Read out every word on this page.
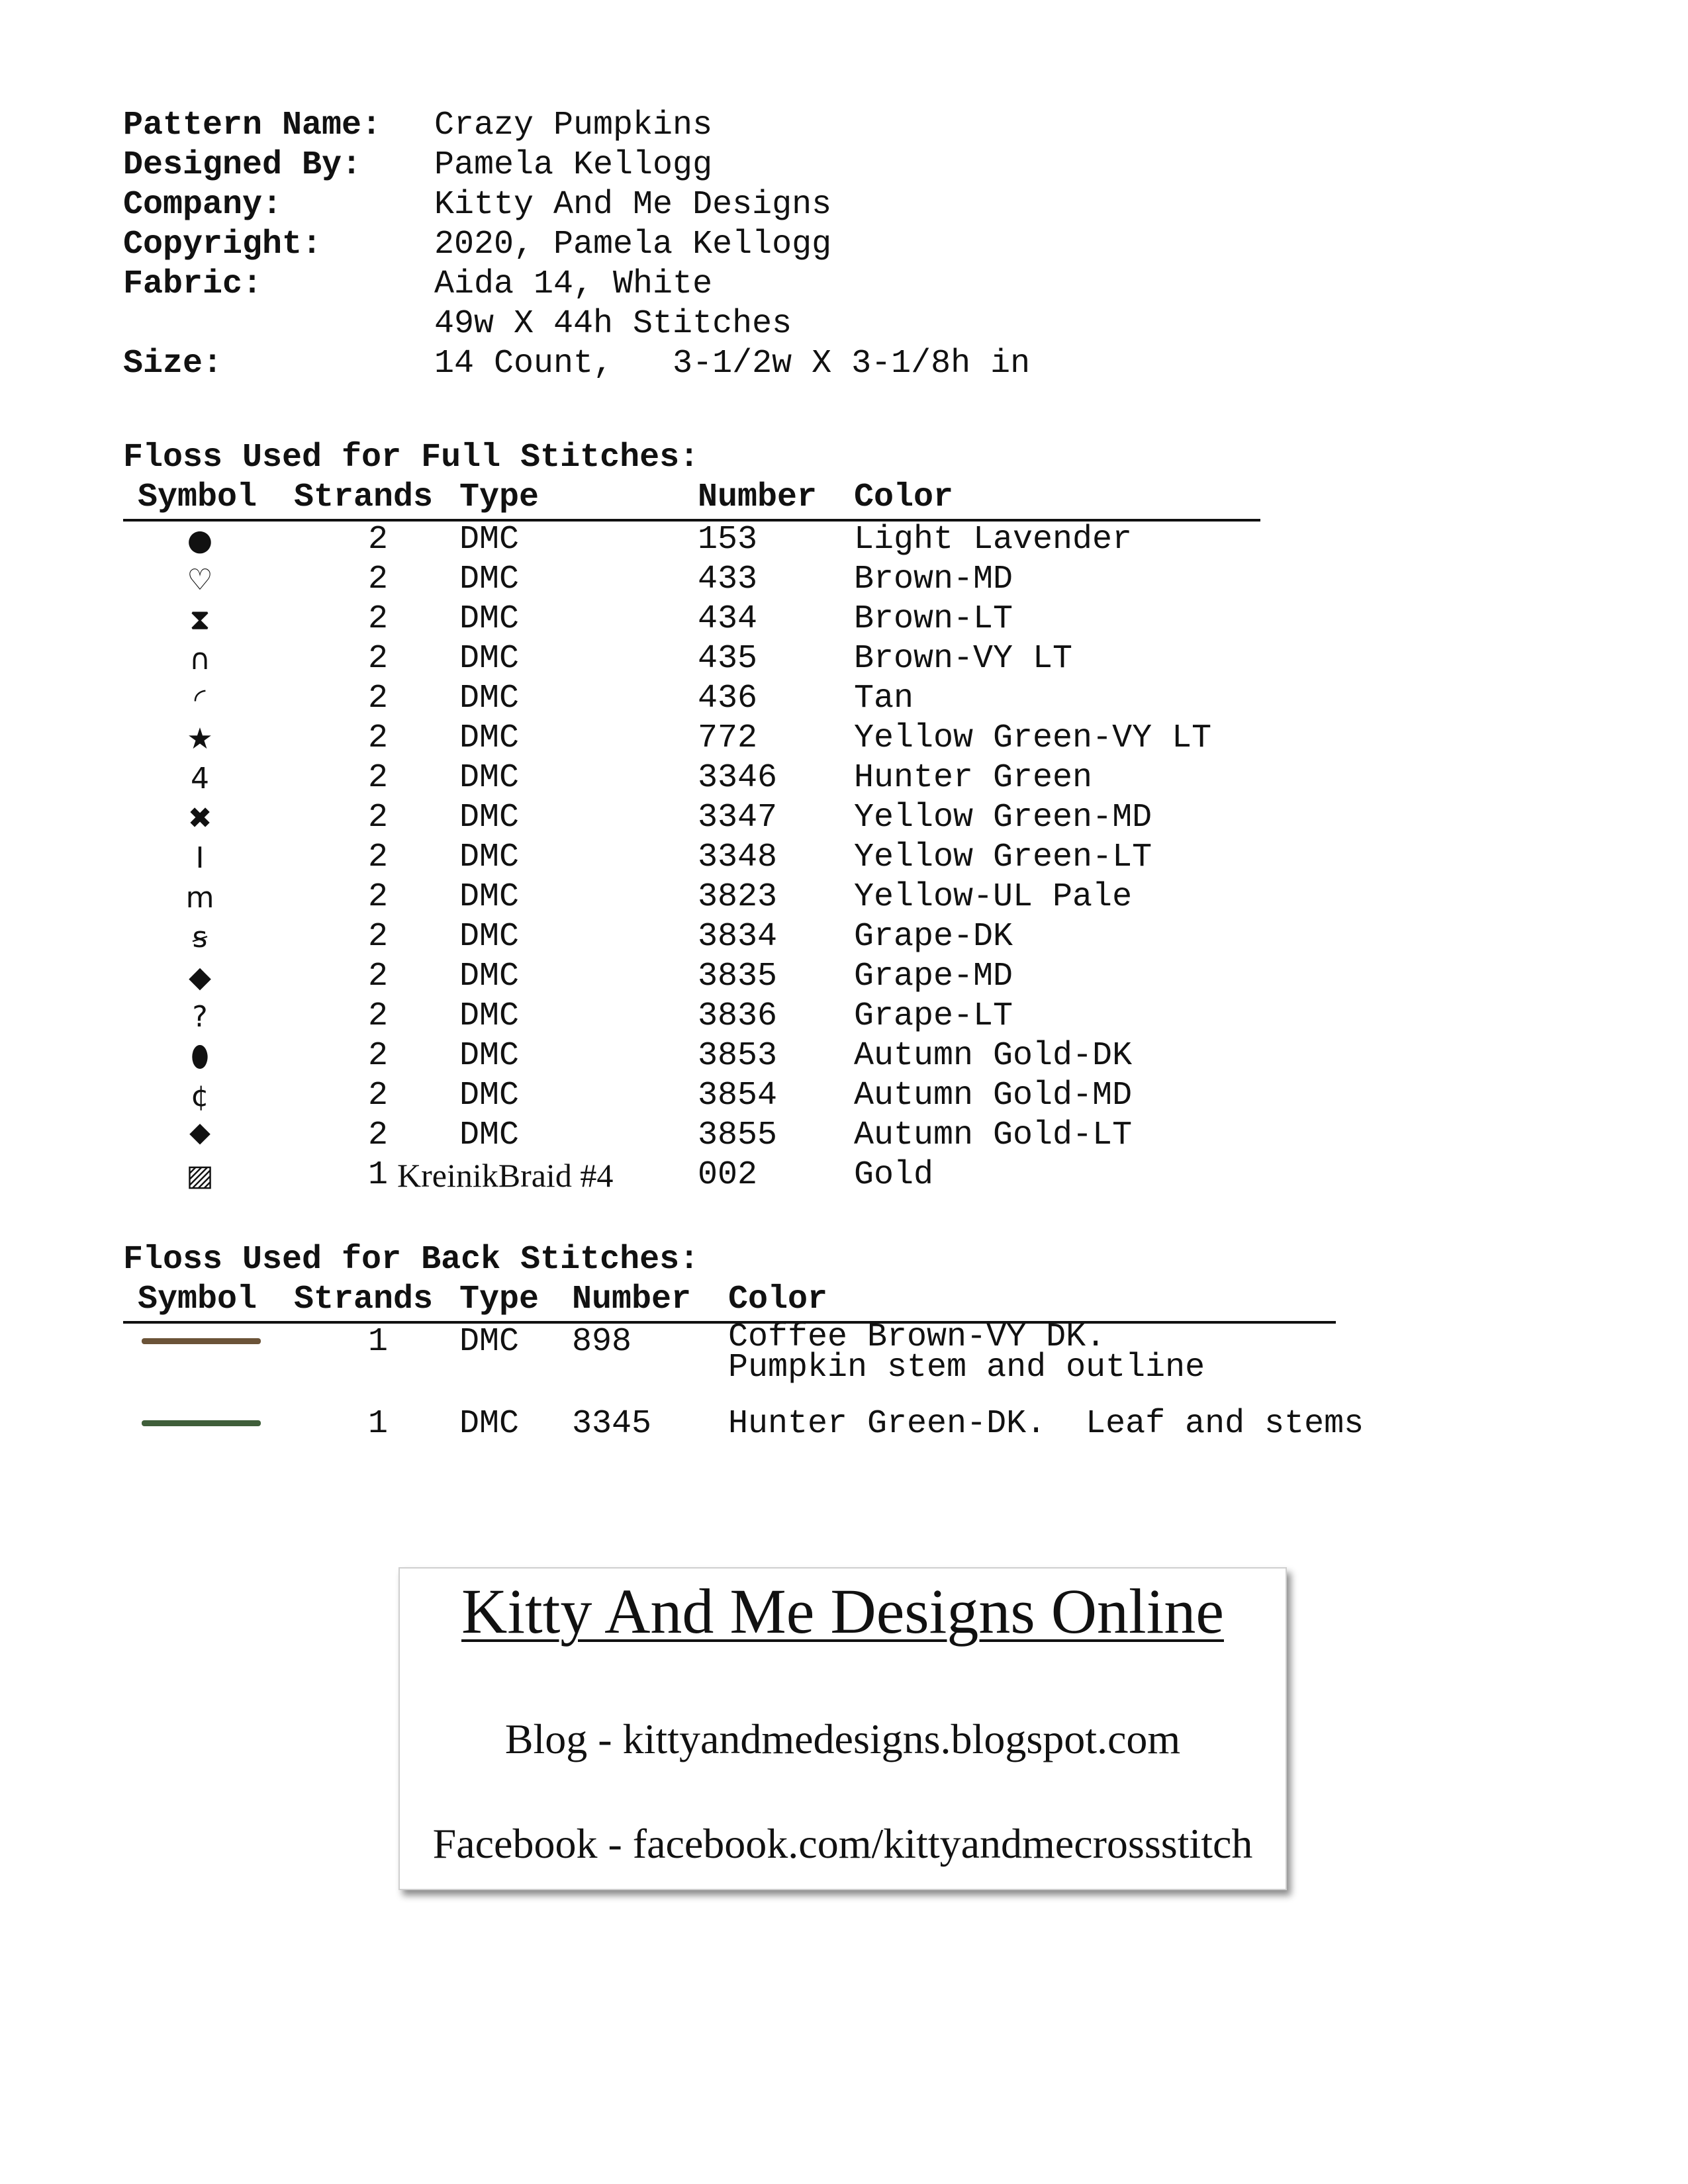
Pattern Name: Crazy Pumpkins
Designed By: Pamela Kellogg
Company:	Kitty And Me Designs
Copyright:	2020, Pamela Kellogg
Fabric:	Aida 14, White
49w X 44h Stitches
Size:	14 Count,   3-1/2w X 3-1/8h in
Floss Used for Full Stitches:
Symbol Strands Type	Number Color
●	2 DMC	153	Light Lavender
♡	2 DMC	433	Brown-MD
⧗	2 DMC	434	Brown-LT
∩	2 DMC	435	Brown-VY LT
◜	2 DMC	436	Tan
★	2 DMC	772	Yellow Green-VY LT
4	2 DMC	3346 Hunter Green
✖	2 DMC	3347 Yellow Green-MD
I	2 DMC	3348 Yellow Green-LT
m	2 DMC	3823 Yellow-UL Pale
ꞩ	2 DMC	3834 Grape-DK
◆	2 DMC	3835 Grape-MD
?	2 DMC	3836 Grape-LT
⬮	2 DMC	3853 Autumn Gold-DK
¢	2 DMC	3854 Autumn Gold-MD
⯁	2 DMC	3855 Autumn Gold-LT
▨	1 KreinikBraid #4	002	Gold
Floss Used for Back Stitches:
Symbol Strands Type Number Color
1 DMC 898	Coffee Brown-VY DK.
Pumpkin stem and outline
1 DMC 3345 Hunter Green-DK.  Leaf and stems
Kitty And Me Designs Online
Blog - kittyandmedesigns.blogspot.com
Facebook - facebook.com/kittyandmecrossstitch
